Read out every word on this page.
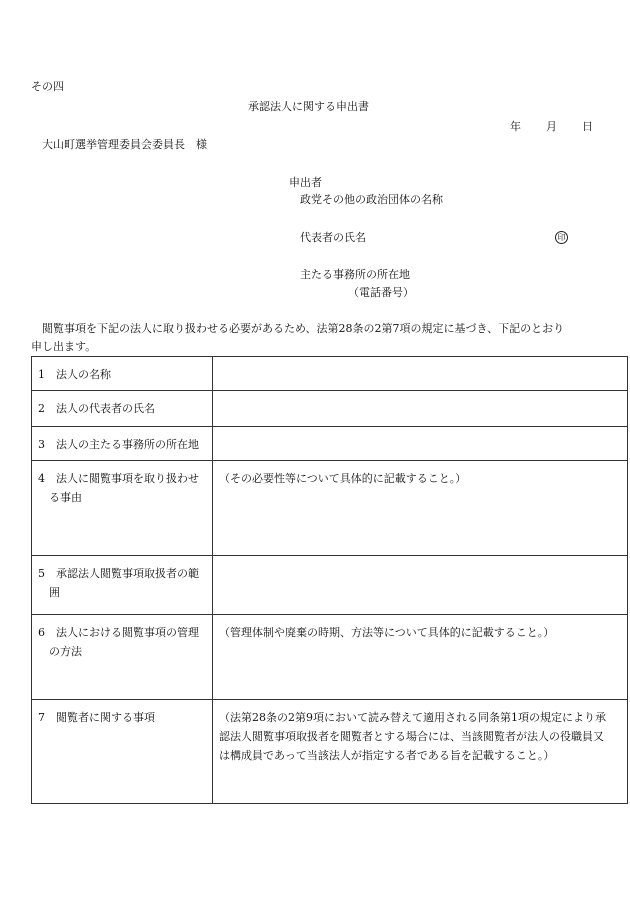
その四
承認法人に関する申出書
年 月 日
大山町選挙管理委員会委員長　様
申出者
政党その他の政治団体の名称
代表者の氏名	印
主たる事務所の所在地
（電話番号）
閲覧事項を下記の法人に取り扱わせる必要があるため、法第28条の2第7項の規定に基づき、下記のとおり
申し出ます。
1　法人の名称	

2　法人の代表者の氏名	

3　法人の主たる事務所の所在地	

4　法人に閲覧事項を取り扱わせ
　る事由	（その必要性等について具体的に記載すること。）

5　承認法人閲覧事項取扱者の範
　囲	

6　法人における閲覧事項の管理
　の方法	（管理体制や廃棄の時期、方法等について具体的に記載すること。）

7　閲覧者に関する事項	（法第28条の2第9項において読み替えて適用される同条第1項の規定により承
認法人閲覧事項取扱者を閲覧者とする場合には、当該閲覧者が法人の役職員又
は構成員であって当該法人が指定する者である旨を記載すること。）
